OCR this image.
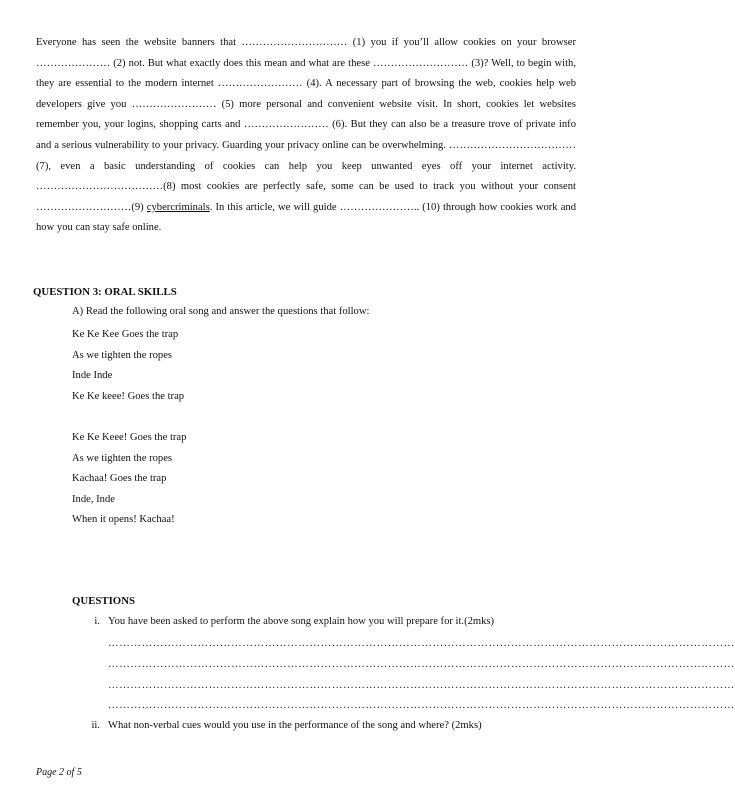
Everyone has seen the website banners that ………………………… (1) you if you’ll allow cookies on your browser ………………… (2) not. But what exactly does this mean and what are these ……………………… (3)? Well, to begin with, they are essential to the modern internet …………………… (4). A necessary part of browsing the web, cookies help web developers give you …………………… (5) more personal and convenient website visit. In short, cookies let websites remember you, your logins, shopping carts and …………………… (6). But they can also be a treasure trove of private info and a serious vulnerability to your privacy. Guarding your privacy online can be overwhelming. ……………………………… (7), even a basic understanding of cookies can help you keep unwanted eyes off your internet activity. ………………………………(8) most cookies are perfectly safe, some can be used to track you without your consent ………………………(9) cybercriminals. In this article, we will guide ………………….. (10) through how cookies work and how you can stay safe online.

QUESTION 3: ORAL SKILLS

A) Read the following oral song and answer the questions that follow:

Ke Ke Kee Goes the trap
As we tighten the ropes
Inde Inde
Ke Ke keee! Goes the trap
Ke Ke Keee! Goes the trap
As we tighten the ropes
Kachaa! Goes the trap
Inde, Inde
When it opens! Kachaa!

QUESTIONS

i. You have been asked to perform the above song explain how you will prepare for it.(2mks)
……………………………………………………………………………………………………………………………………………………
……………………………………………………………………………………………………………………………………………………
……………………………………………………………………………………………………………………………………………………
……………………………………………………………………………………………………………………………………………………
ii. What non-verbal cues would you use in the performance of the song and where? (2mks)

Page 2 of 5
